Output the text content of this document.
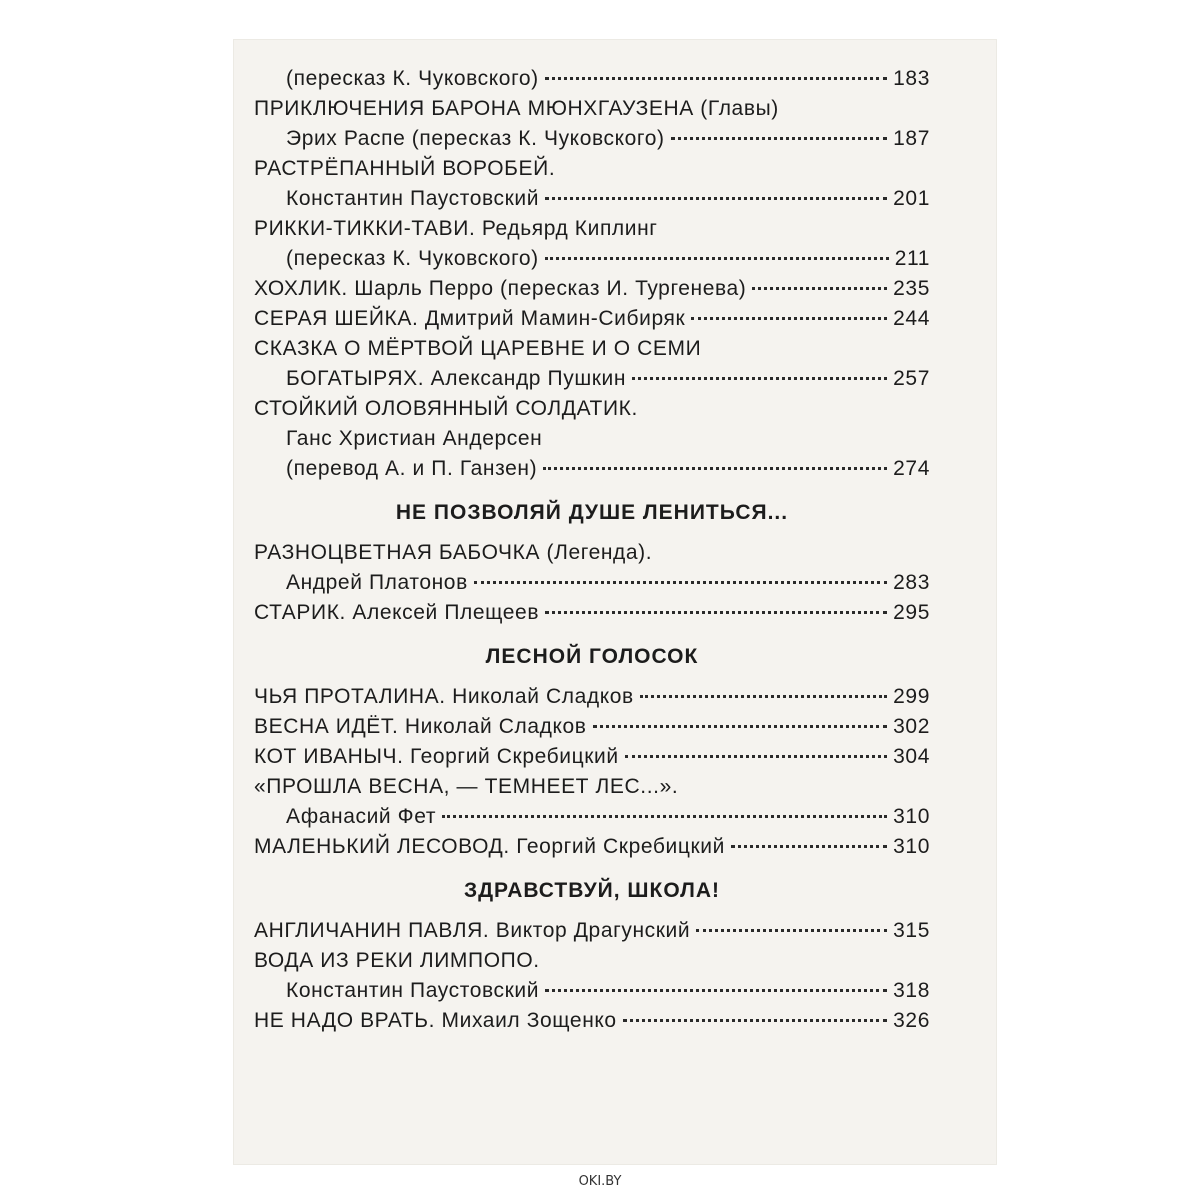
(пересказ К. Чуковского)	183
ПРИКЛЮЧЕНИЯ БАРОНА МЮНХГАУЗЕНА (Главы)
Эрих Распе (пересказ К. Чуковского)	187
РАСТРЁПАННЫЙ ВОРОБЕЙ.
Константин Паустовский	201
РИККИ-ТИККИ-ТАВИ. Редьярд Киплинг
(пересказ К. Чуковского)	211
ХОХЛИК. Шарль Перро (пересказ И. Тургенева)	235
СЕРАЯ ШЕЙКА. Дмитрий Мамин-Сибиряк	244
СКАЗКА О МЁРТВОЙ ЦАРЕВНЕ И О СЕМИ
БОГАТЫРЯХ. Александр Пушкин	257
СТОЙКИЙ ОЛОВЯННЫЙ СОЛДАТИК.
Ганс Христиан Андерсен
(перевод А. и П. Ганзен)	274
НЕ ПОЗВОЛЯЙ ДУШЕ ЛЕНИТЬСЯ...
РАЗНОЦВЕТНАЯ БАБОЧКА (Легенда).
Андрей Платонов	283
СТАРИК. Алексей Плещеев	295
ЛЕСНОЙ ГОЛОСОК
ЧЬЯ ПРОТАЛИНА. Николай Сладков	299
ВЕСНА ИДЁТ. Николай Сладков	302
КОТ ИВАНЫЧ. Георгий Скребицкий	304
«ПРОШЛА ВЕСНА, — ТЕМНЕЕТ ЛЕС...».
Афанасий Фет	310
МАЛЕНЬКИЙ ЛЕСОВОД. Георгий Скребицкий	310
ЗДРАВСТВУЙ, ШКОЛА!
АНГЛИЧАНИН ПАВЛЯ. Виктор Драгунский	315
ВОДА ИЗ РЕКИ ЛИМПОПО.
Константин Паустовский	318
НЕ НАДО ВРАТЬ. Михаил Зощенко	326
OKI.BY
